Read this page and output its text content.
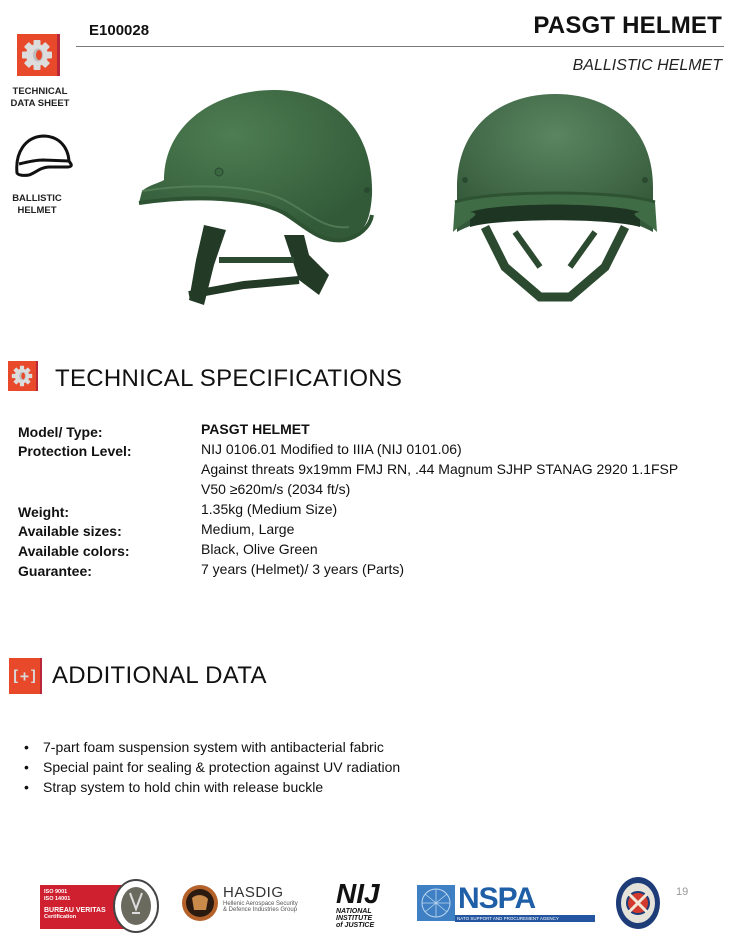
E100028	PASGT HELMET
BALLISTIC HELMET
TECHNICAL
DATA SHEET
BALLISTIC
HELMET
TECHNICAL SPECIFICATIONS
Model/ Type:	PASGT HELMET
Protection Level:	NIJ 0106.01 Modified to IIIA (NIJ 0101.06)
Against threats 9x19mm FMJ RN, .44 Magnum SJHP STANAG 2920 1.1FSP
V50 ≥620m/s (2034 ft/s)
Weight:	1.35kg (Medium Size)
Available sizes:	Medium, Large
Available colors:	Black, Olive Green
Guarantee:	7 years (Helmet)/ 3 years (Parts)
[+] ADDITIONAL DATA
• 7-part foam suspension system with antibacterial fabric
• Special paint for sealing & protection against UV radiation
• Strap system to hold chin with release buckle
ISO 9001
ISO 14001
BUREAU VERITAS
Certification
HASDIG
Hellenic Aerospace Security
& Defence Industries Group
NIJ
NATIONAL
INSTITUTE
of JUSTICE
NSPA
NATO SUPPORT AND PROCUREMENT AGENCY
19
